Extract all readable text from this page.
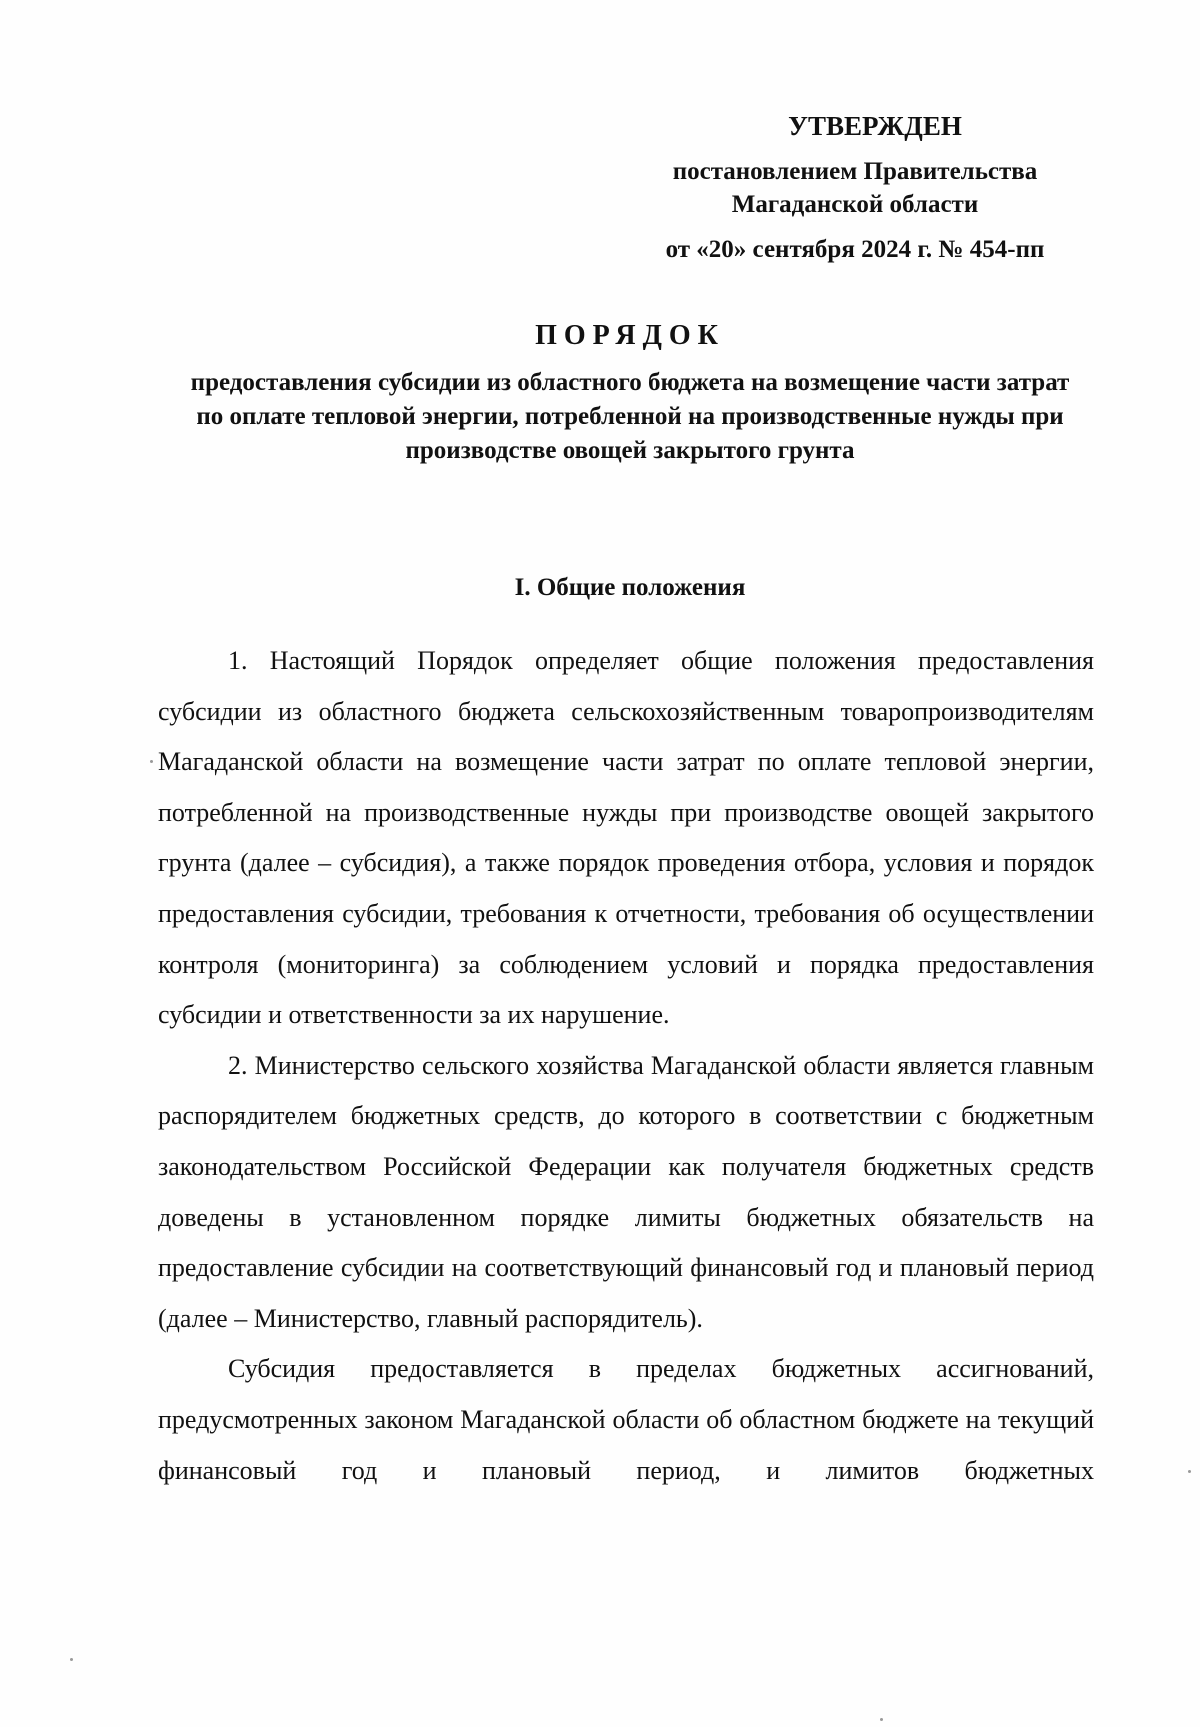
УТВЕРЖДЕН
постановлением Правительства
Магаданской области
от «20» сентября 2024 г. № 454-пп
ПОРЯДОК
предоставления субсидии из областного бюджета на возмещение части затрат по оплате тепловой энергии, потребленной на производственные нужды при производстве овощей закрытого грунта
I. Общие положения

1. Настоящий Порядок определяет общие положения предоставления субсидии из областного бюджета сельскохозяйственным товаропроизводителям Магаданской области на возмещение части затрат по оплате тепловой энергии, потребленной на производственные нужды при производстве овощей закрытого грунта (далее – субсидия), а также порядок проведения отбора, условия и порядок предоставления субсидии, требования к отчетности, требования об осуществлении контроля (мониторинга) за соблюдением условий и порядка предоставления субсидии и ответственности за их нарушение.

2. Министерство сельского хозяйства Магаданской области является главным распорядителем бюджетных средств, до которого в соответствии с бюджетным законодательством Российской Федерации как получателя бюджетных средств доведены в установленном порядке лимиты бюджетных обязательств на предоставление субсидии на соответствующий финансовый год и плановый период (далее – Министерство, главный распорядитель).

Субсидия предоставляется в пределах бюджетных ассигнований, предусмотренных законом Магаданской области об областном бюджете на текущий финансовый год и плановый период, и лимитов бюджетных
